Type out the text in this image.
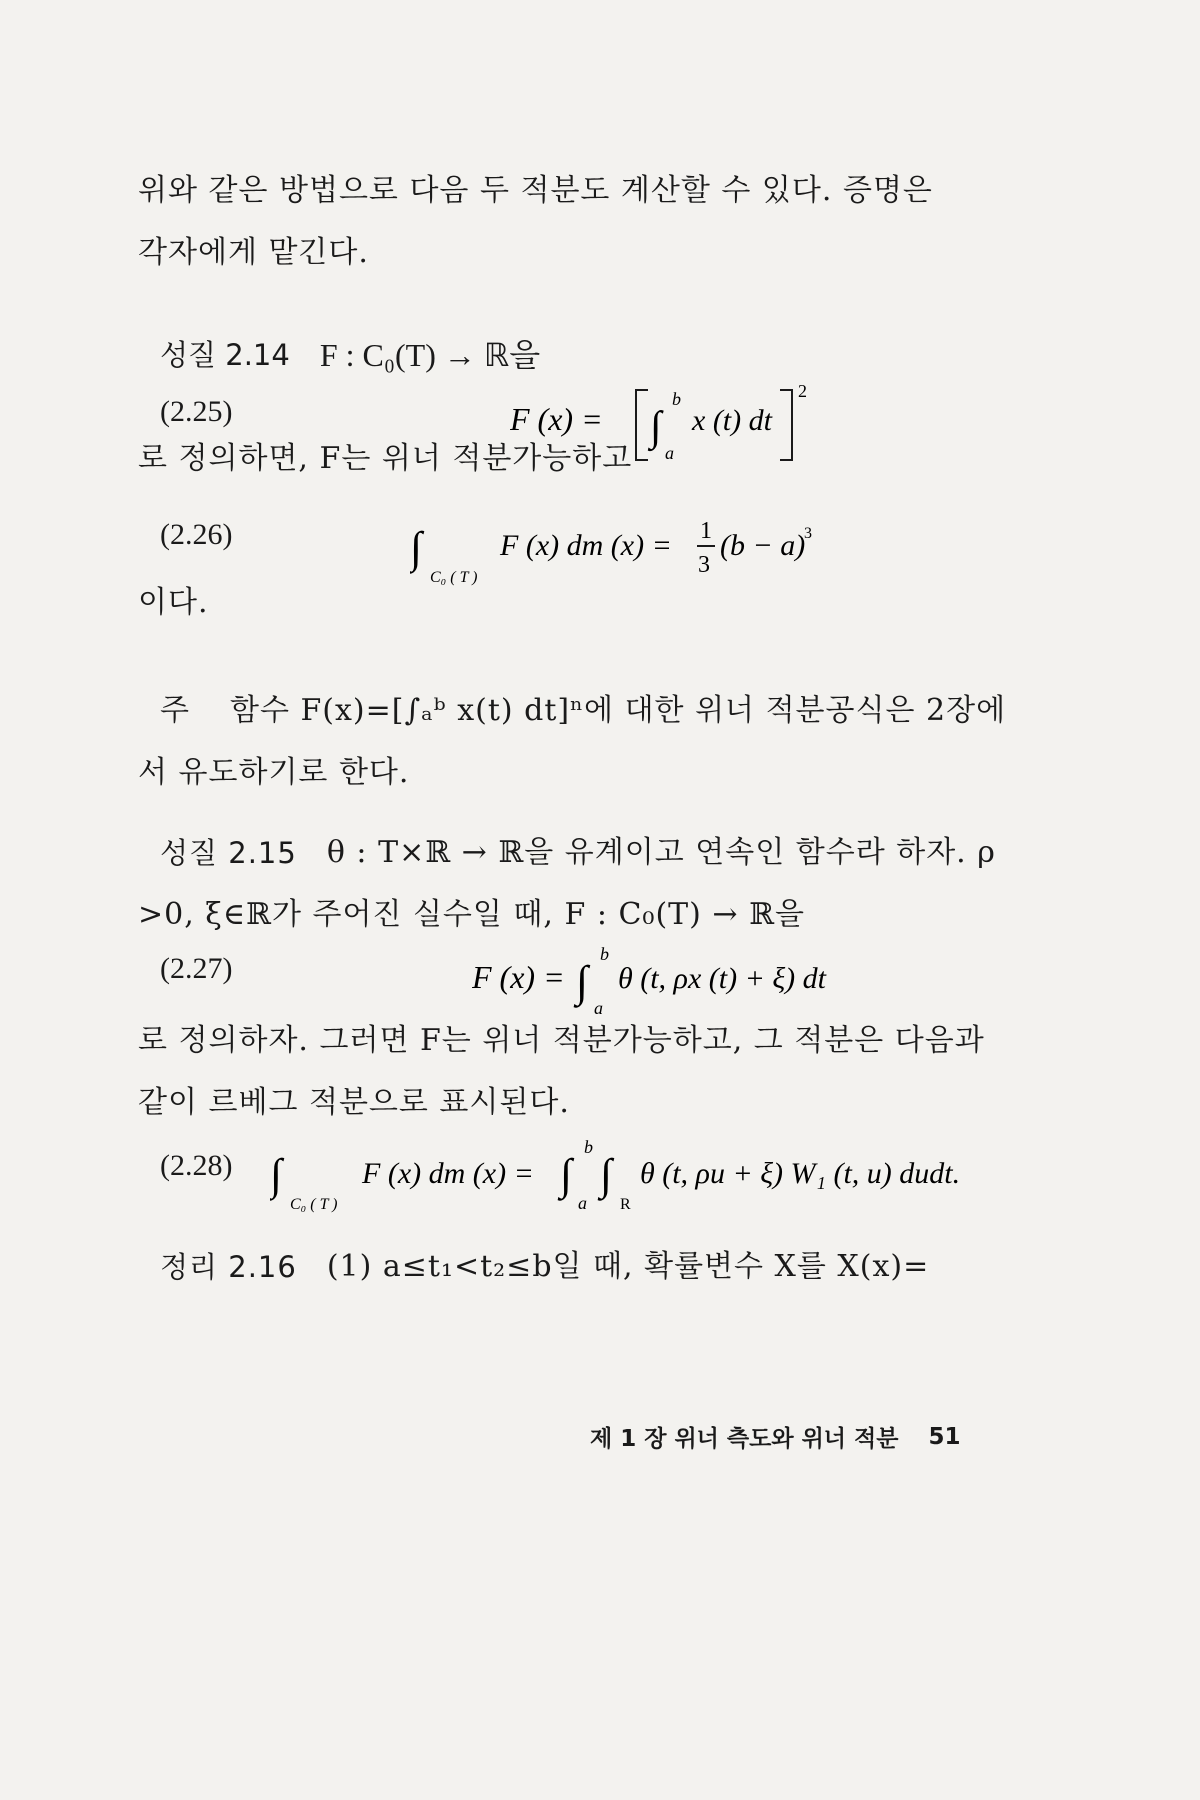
위와 같은 방법으로 다음 두 적분도 계산할 수 있다. 증명은
각자에게 맡긴다.
성질 2.14 F : C₀(T) → ℝ을
(2.25)	F (x) = ∫
b
a
x (t) dt
2
로 정의하면, F는 위너 적분가능하고
(2.26)	∫
C₀ ( T )
F (x) dm (x) = 1
3
(b − a)
3
이다.
주 함수 F(x)=[∫ₐᵇ x(t) dt]ⁿ에 대한 위너 적분공식은 2장에
서 유도하기로 한다.
성질 2.15 θ : T×ℝ → ℝ을 유계이고 연속인 함수라 하자. ρ
>0, ξ∈ℝ가 주어진 실수일 때, F : C₀(T) → ℝ을
(2.27)	F (x) = ∫
b
a
θ (t, ρx (t) + ξ) dt
로 정의하자. 그러면 F는 위너 적분가능하고, 그 적분은 다음과
같이 르베그 적분으로 표시된다.
(2.28) ∫
C₀ ( T )
F (x) dm (x) = ∫
b
a
∫
R
θ (t, ρu + ξ) W₁ (t, u) dudt.
정리 2.16 (1) a≤t₁<t₂≤b일 때, 확률변수 X를 X(x)=
제 1 장 위너 측도와 위너 적분 51
